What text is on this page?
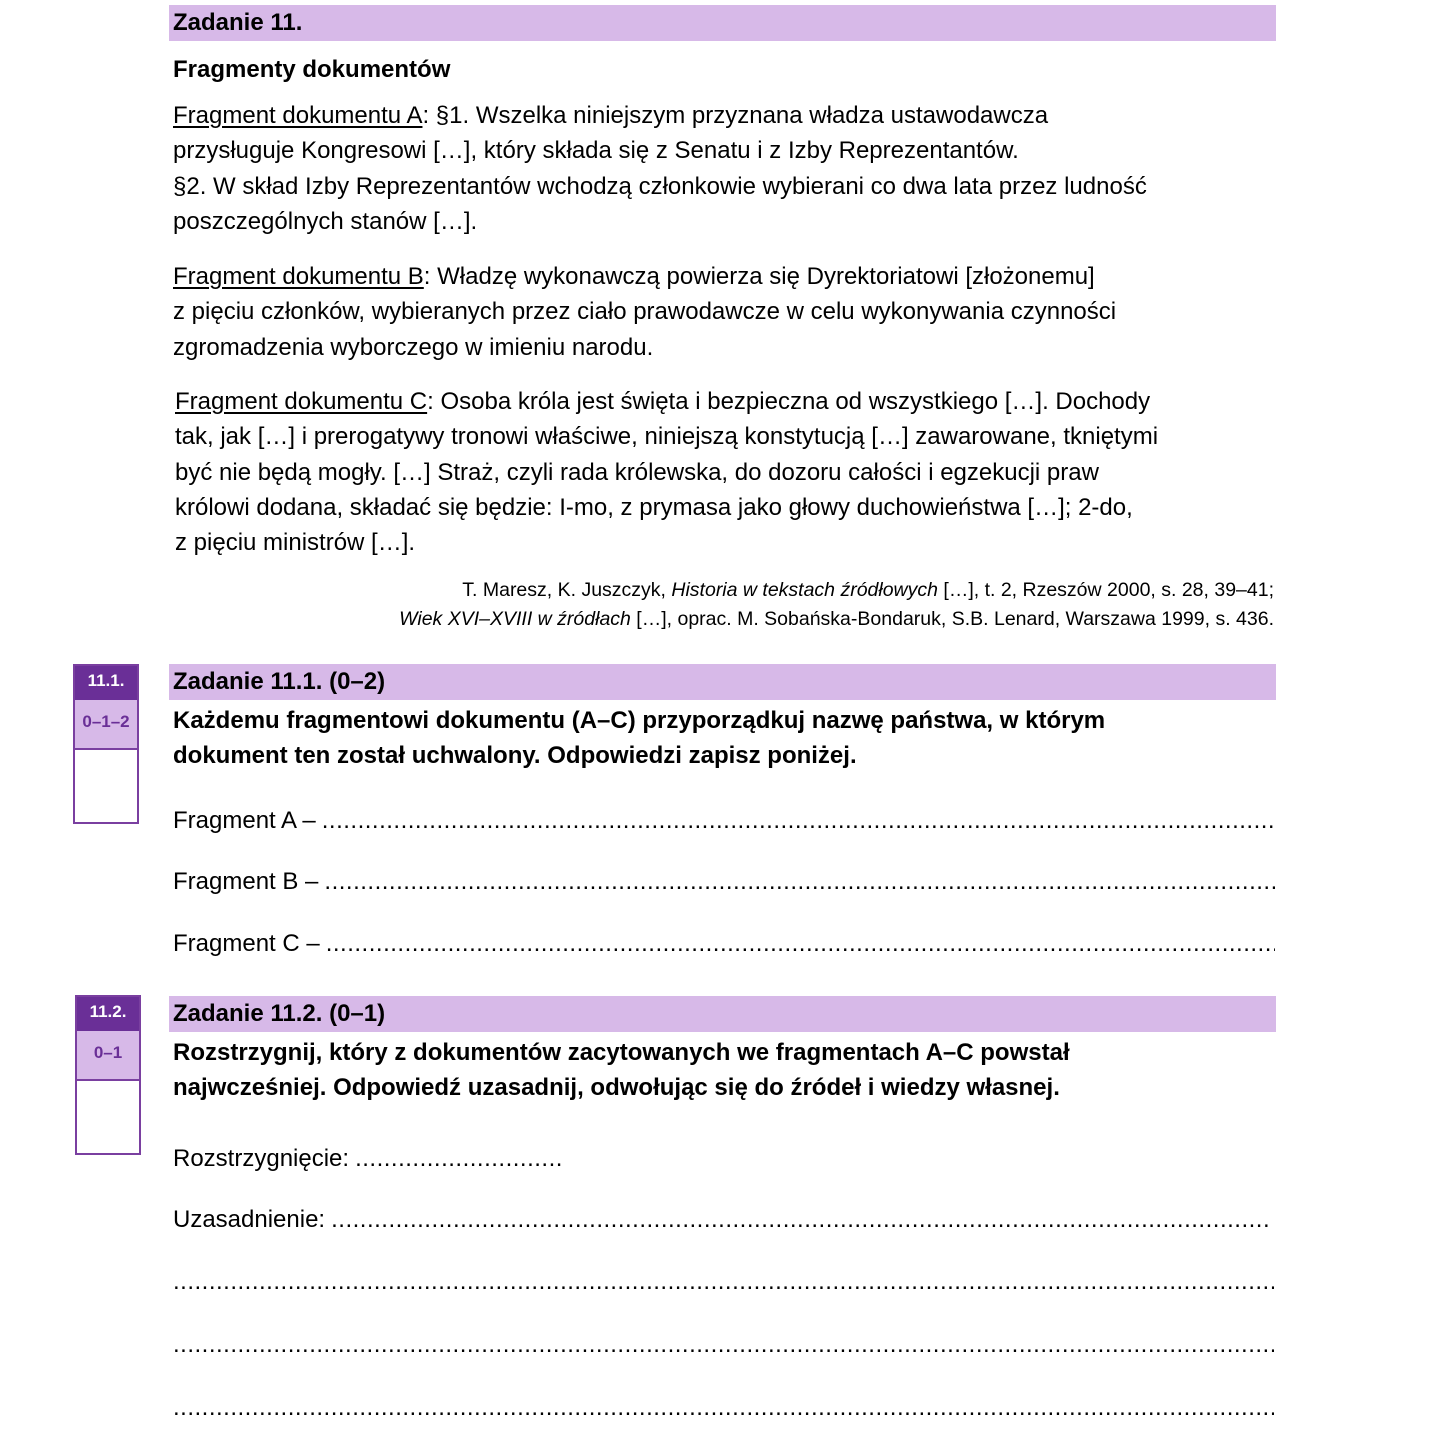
Zadanie 11.
Fragmenty dokumentów
Fragment dokumentu A: §1. Wszelka niniejszym przyznana władza ustawodawcza
przysługuje Kongresowi […], który składa się z Senatu i z Izby Reprezentantów.
§2. W skład Izby Reprezentantów wchodzą członkowie wybierani co dwa lata przez ludność
poszczególnych stanów […].
Fragment dokumentu B: Władzę wykonawczą powierza się Dyrektoriatowi [złożonemu]
z pięciu członków, wybieranych przez ciało prawodawcze w celu wykonywania czynności
zgromadzenia wyborczego w imieniu narodu.
Fragment dokumentu C: Osoba króla jest święta i bezpieczna od wszystkiego […]. Dochody
tak, jak […] i prerogatywy tronowi właściwe, niniejszą konstytucją […] zawarowane, tkniętymi
być nie będą mogły. […] Straż, czyli rada królewska, do dozoru całości i egzekucji praw
królowi dodana, składać się będzie: I-mo, z prymasa jako głowy duchowieństwa […]; 2-do,
z pięciu ministrów […].
T. Maresz, K. Juszczyk, Historia w tekstach źródłowych […], t. 2, Rzeszów 2000, s. 28, 39–41;
Wiek XVI–XVIII w źródłach […], oprac. M. Sobańska-Bondaruk, S.B. Lenard, Warszawa 1999, s. 436.
11.1.
0–1–2
Zadanie 11.1. (0–2)
Każdemu fragmentowi dokumentu (A–C) przyporządkuj nazwę państwa, w którym
dokument ten został uchwalony. Odpowiedzi zapisz poniżej.
Fragment A –
.....
Fragment B –
.....
Fragment C –
.....
11.2.
0–1
Zadanie 11.2. (0–1)
Rozstrzygnij, który z dokumentów zacytowanych we fragmentach A–C powstał
najwcześniej. Odpowiedź uzasadnij, odwołując się do źródeł i wiedzy własnej.
Rozstrzygnięcie: .............................
Uzasadnienie:
.....
.....
.....
.....
